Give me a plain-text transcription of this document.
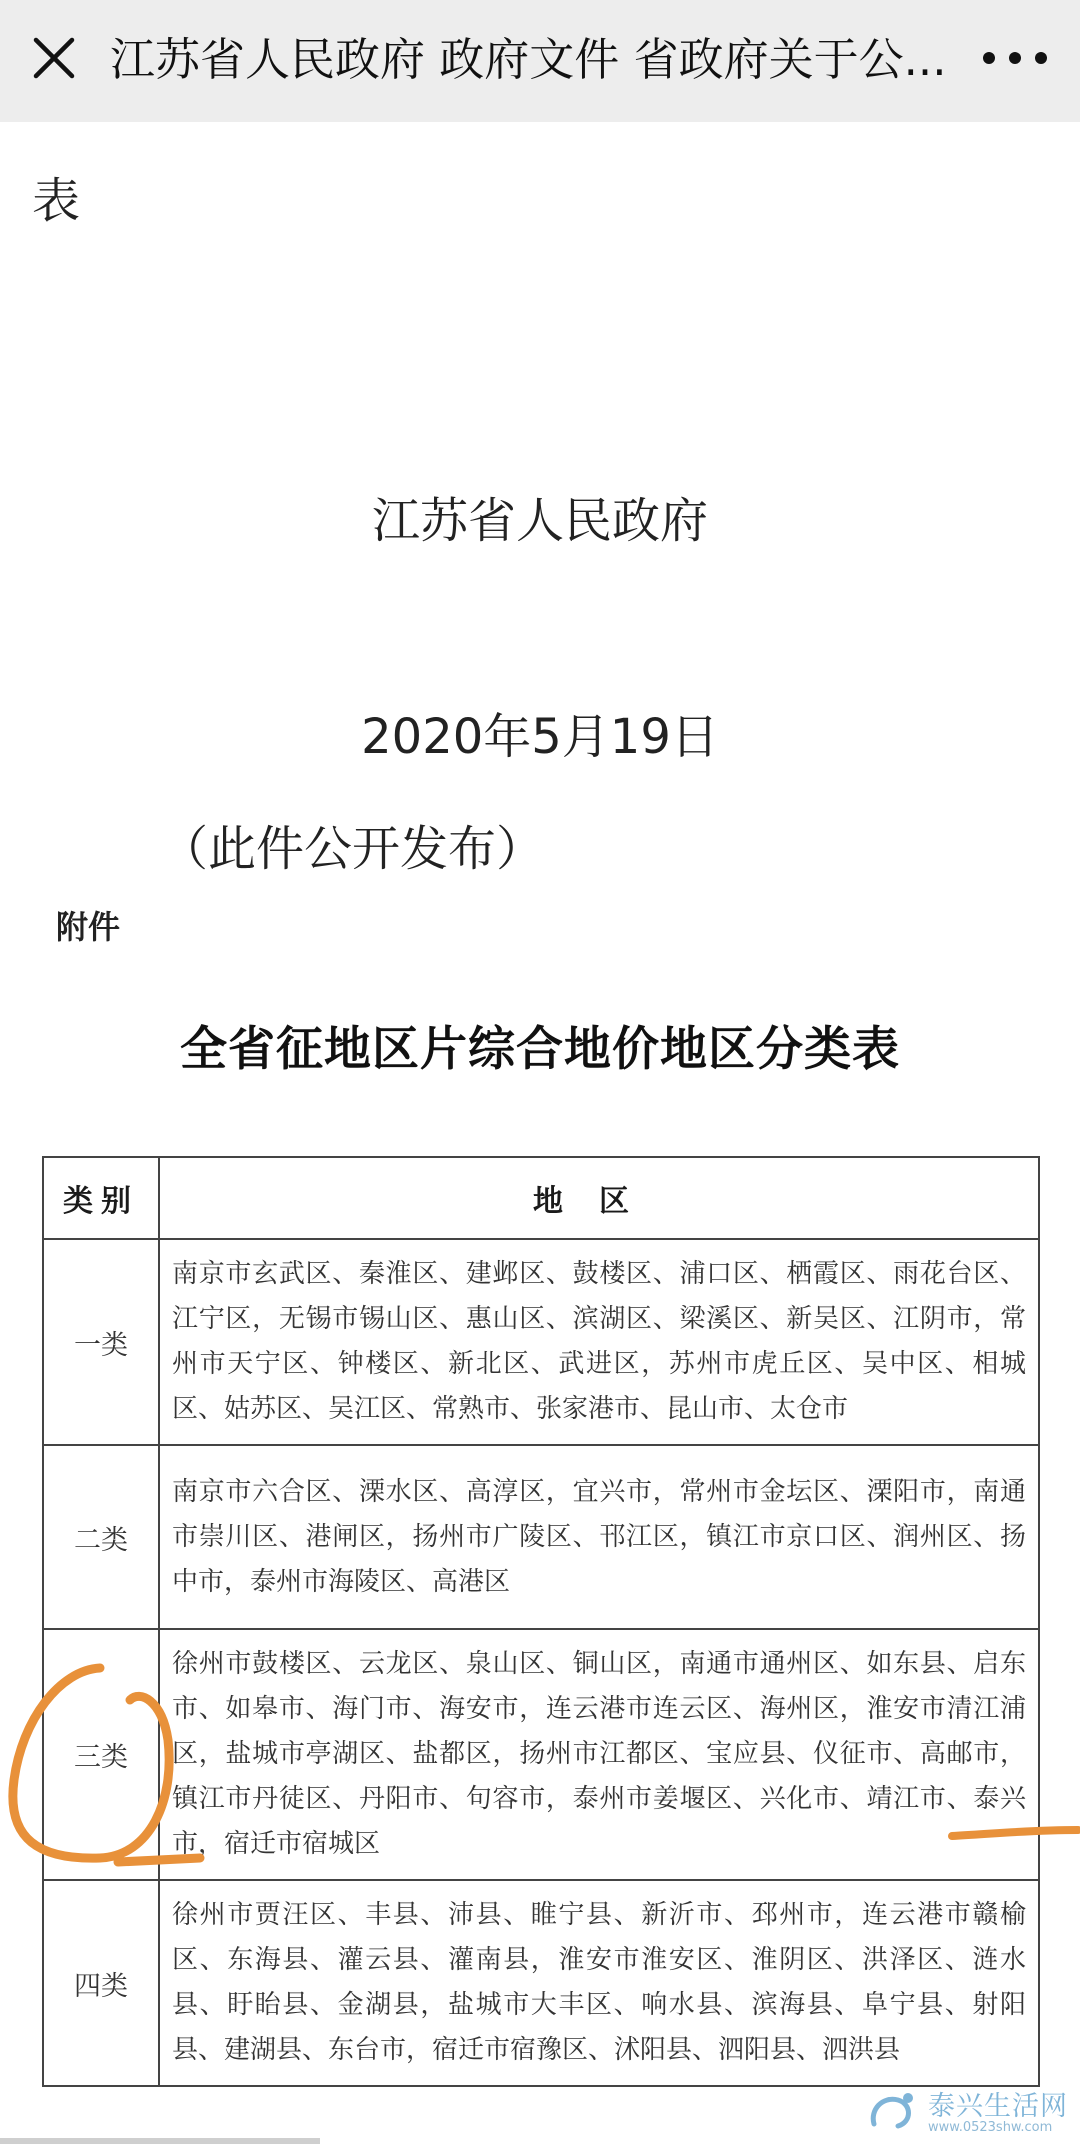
江苏省人民政府 政府文件 省政府关于公...
表
江苏省人民政府
2020年5月19日
（此件公开发布）
附件
全省征地区片综合地价地区分类表
类别	地区
一类	南京市玄武区、秦淮区、建邺区、鼓楼区、浦口区、栖霞区、雨花台区、江宁区，无锡市锡山区、惠山区、滨湖区、梁溪区、新吴区、江阴市，常州市天宁区、钟楼区、新北区、武进区，苏州市虎丘区、吴中区、相城区、姑苏区、吴江区、常熟市、张家港市、昆山市、太仓市
二类	南京市六合区、溧水区、高淳区，宜兴市，常州市金坛区、溧阳市，南通市崇川区、港闸区，扬州市广陵区、邗江区，镇江市京口区、润州区、扬中市，泰州市海陵区、高港区
三类	徐州市鼓楼区、云龙区、泉山区、铜山区，南通市通州区、如东县、启东市、如皋市、海门市、海安市，连云港市连云区、海州区，淮安市清江浦区，盐城市亭湖区、盐都区，扬州市江都区、宝应县、仪征市、高邮市，镇江市丹徒区、丹阳市、句容市，泰州市姜堰区、兴化市、靖江市、泰兴市，宿迁市宿城区
四类	徐州市贾汪区、丰县、沛县、睢宁县、新沂市、邳州市，连云港市赣榆区、东海县、灌云县、灌南县，淮安市淮安区、淮阴区、洪泽区、涟水县、盱眙县、金湖县，盐城市大丰区、响水县、滨海县、阜宁县、射阳县、建湖县、东台市，宿迁市宿豫区、沭阳县、泗阳县、泗洪县
泰兴生活网
www.0523shw.com
